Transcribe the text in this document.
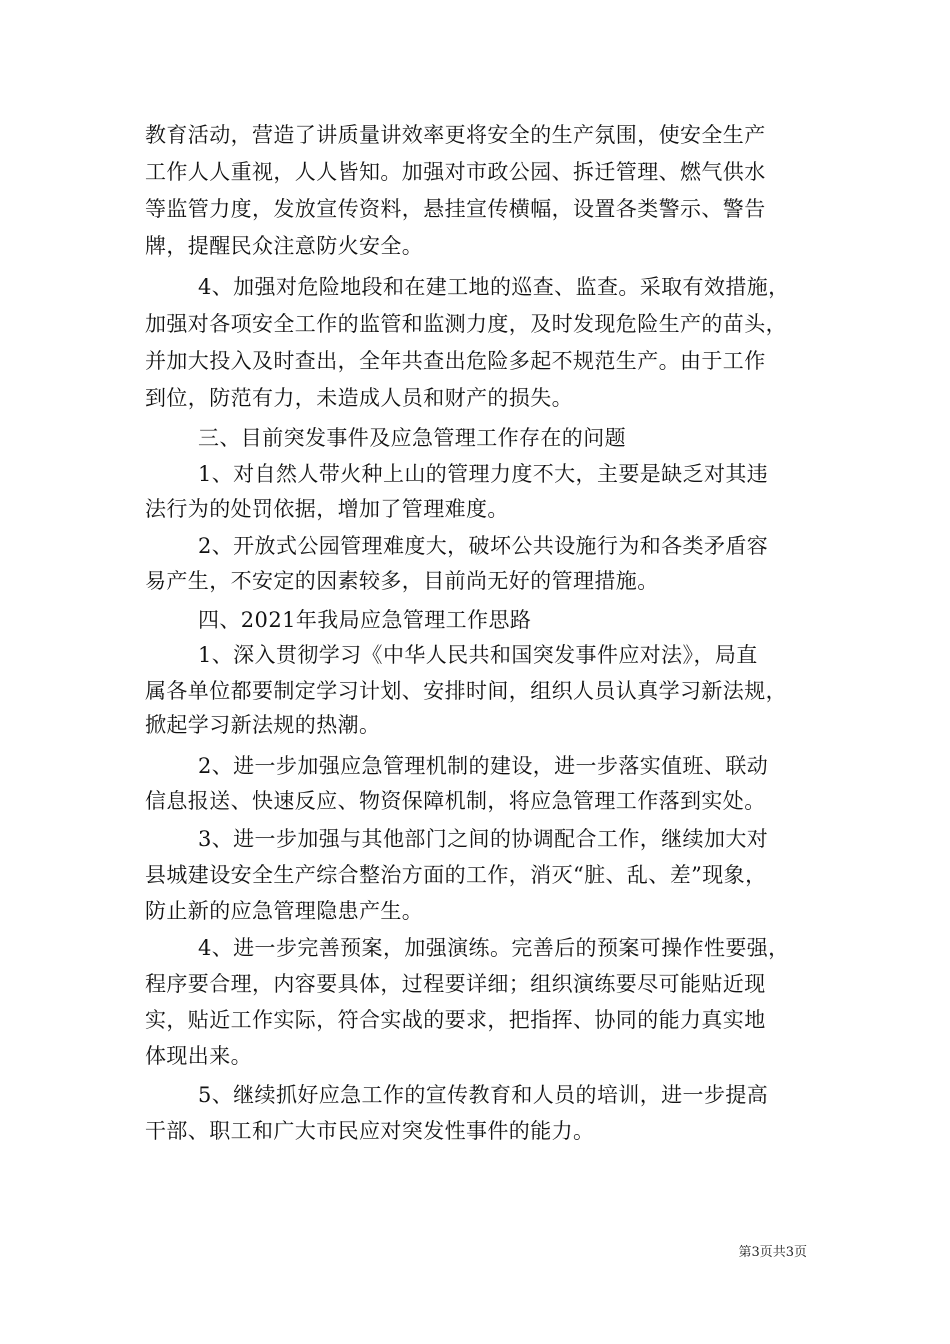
教育活动，营造了讲质量讲效率更将安全的生产氛围，使安全生产
工作人人重视，人人皆知。加强对市政公园、拆迁管理、燃气供水
等监管力度，发放宣传资料，悬挂宣传横幅，设置各类警示、警告
牌，提醒民众注意防火安全。
4、加强对危险地段和在建工地的巡查、监查。采取有效措施，
加强对各项安全工作的监管和监测力度，及时发现危险生产的苗头，
并加大投入及时查出，全年共查出危险多起不规范生产。由于工作
到位，防范有力，未造成人员和财产的损失。
三、目前突发事件及应急管理工作存在的问题
1、对自然人带火种上山的管理力度不大，主要是缺乏对其违
法行为的处罚依据，增加了管理难度。
2、开放式公园管理难度大，破坏公共设施行为和各类矛盾容
易产生，不安定的因素较多，目前尚无好的管理措施。
四、2021年我局应急管理工作思路
1、深入贯彻学习《中华人民共和国突发事件应对法》，局直
属各单位都要制定学习计划、安排时间，组织人员认真学习新法规，
掀起学习新法规的热潮。
2、进一步加强应急管理机制的建设，进一步落实值班、联动
信息报送、快速反应、物资保障机制，将应急管理工作落到实处。
3、进一步加强与其他部门之间的协调配合工作，继续加大对
县城建设安全生产综合整治方面的工作，消灭“脏、乱、差”现象，
防止新的应急管理隐患产生。
4、进一步完善预案，加强演练。完善后的预案可操作性要强，
程序要合理，内容要具体，过程要详细；组织演练要尽可能贴近现
实，贴近工作实际，符合实战的要求，把指挥、协同的能力真实地
体现出来。
5、继续抓好应急工作的宣传教育和人员的培训，进一步提高
干部、职工和广大市民应对突发性事件的能力。
第3页共3页
